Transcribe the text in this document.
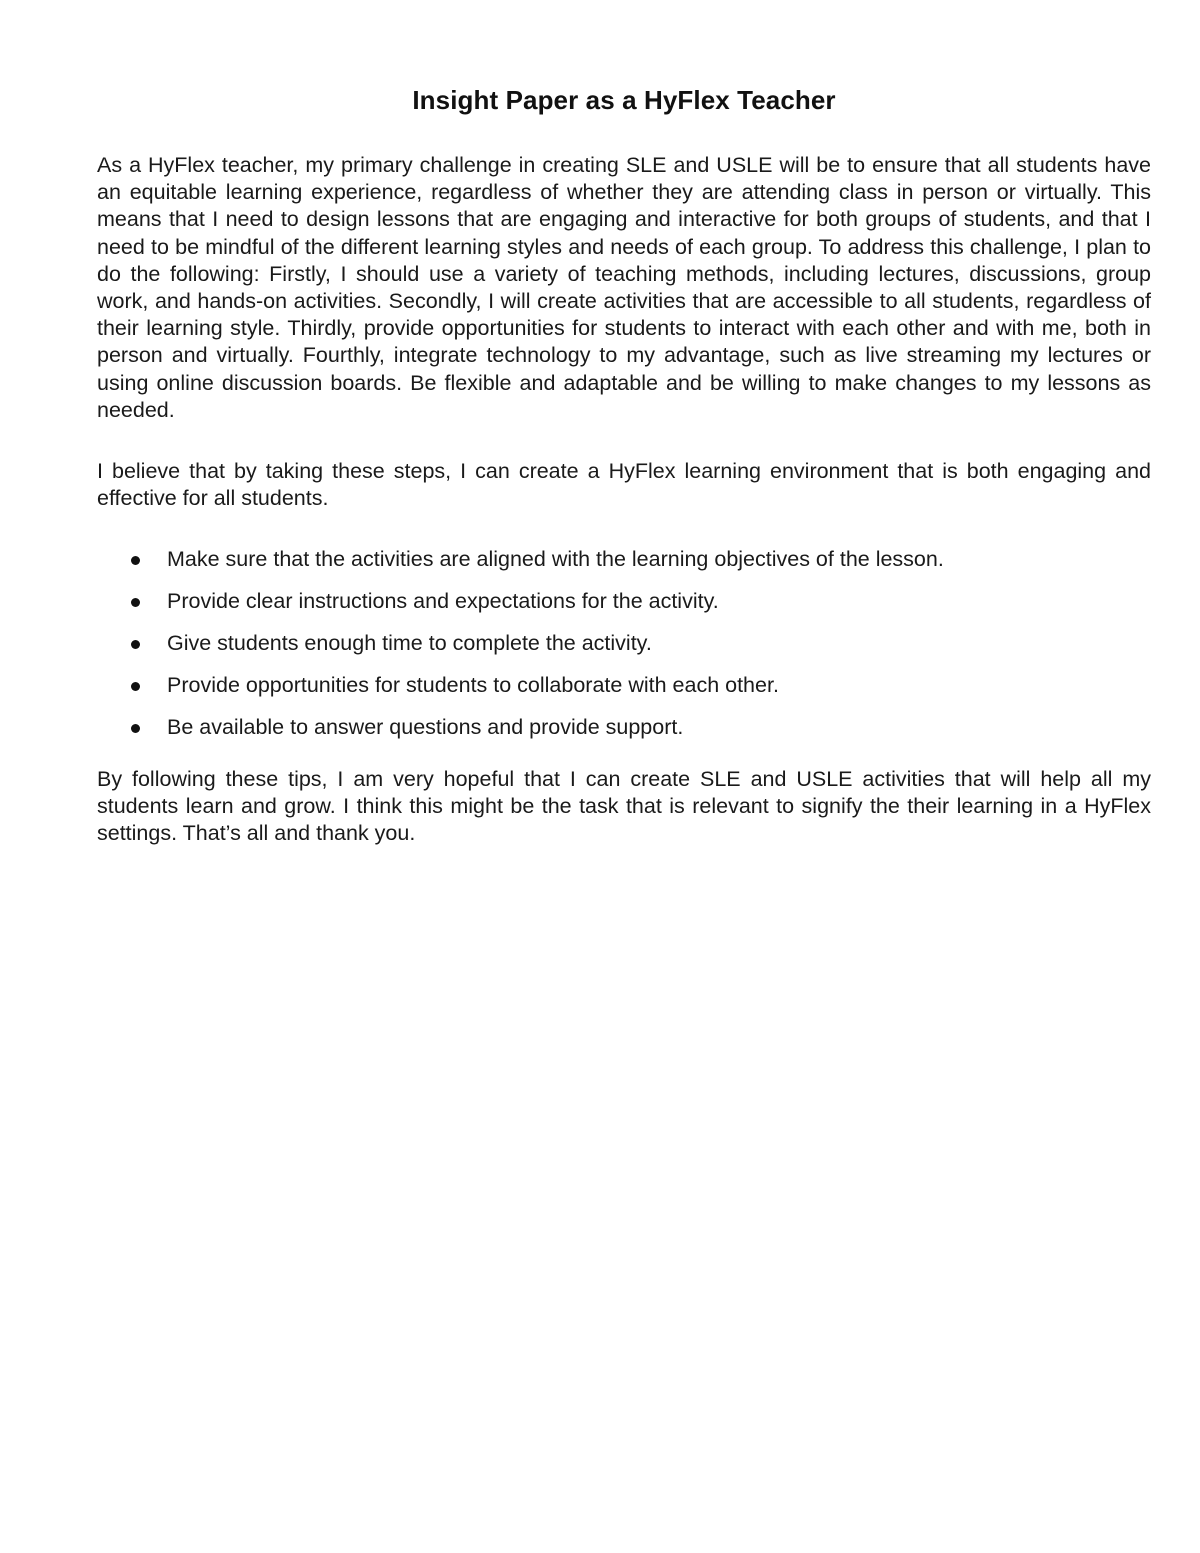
Insight Paper as a HyFlex Teacher

As a HyFlex teacher, my primary challenge in creating SLE and USLE will be to ensure that all students have an equitable learning experience, regardless of whether they are attending class in person or virtually. This means that I need to design lessons that are engaging and interactive for both groups of students, and that I need to be mindful of the different learning styles and needs of each group. To address this challenge, I plan to do the following: Firstly, I should use a variety of teaching methods, including lectures, discussions, group work, and hands-on activities. Secondly, I will create activities that are accessible to all students, regardless of their learning style. Thirdly, provide opportunities for students to interact with each other and with me, both in person and virtually. Fourthly, integrate technology to my advantage, such as live streaming my lectures or using online discussion boards. Be flexible and adaptable and be willing to make changes to my lessons as needed.

I believe that by taking these steps, I can create a HyFlex learning environment that is both engaging and effective for all students.

Make sure that the activities are aligned with the learning objectives of the lesson.
Provide clear instructions and expectations for the activity.
Give students enough time to complete the activity.
Provide opportunities for students to collaborate with each other.
Be available to answer questions and provide support.

By following these tips, I am very hopeful that I can create SLE and USLE activities that will help all my students learn and grow. I think this might be the task that is relevant to signify the their learning in a HyFlex settings. That’s all and thank you.
